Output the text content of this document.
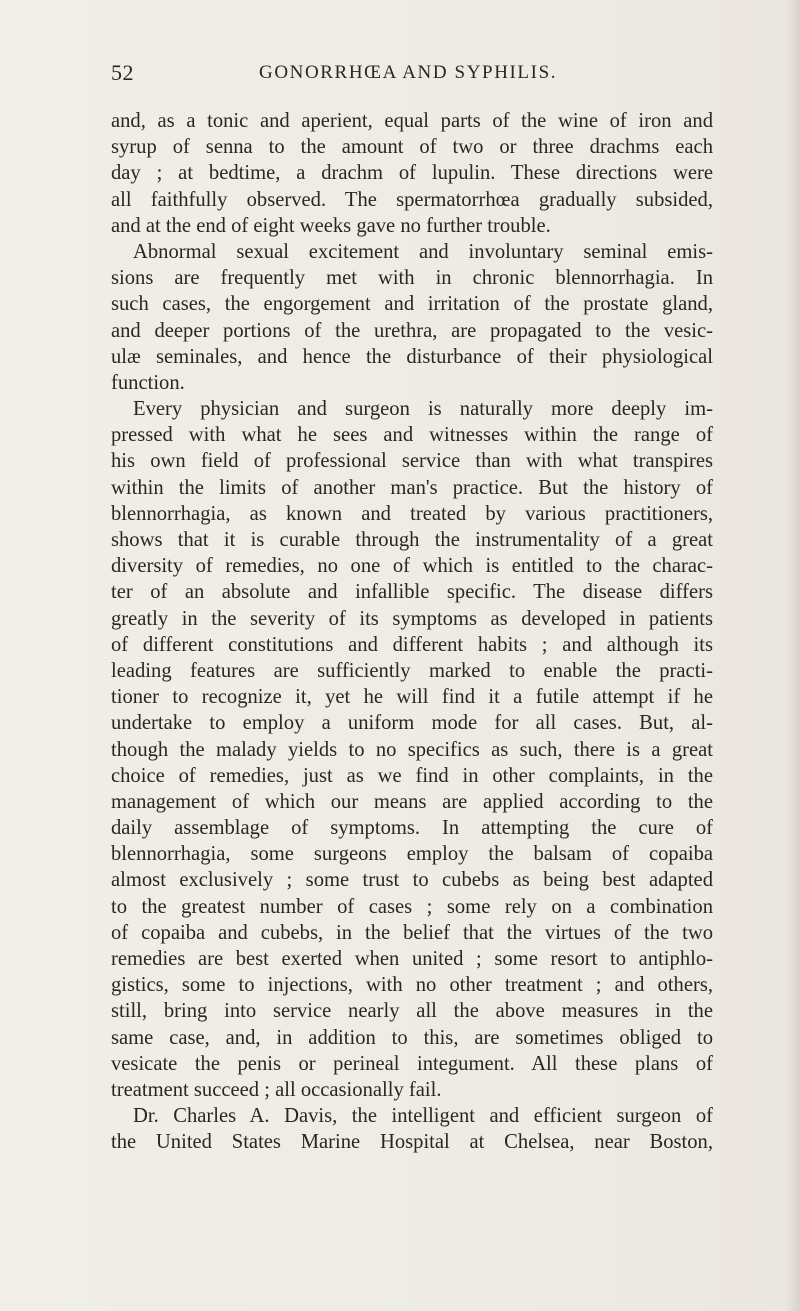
52	GONORRHŒA AND SYPHILIS.
and, as a tonic and aperient, equal parts of the wine of iron and
syrup of senna to the amount of two or three drachms each
day ; at bedtime, a drachm of lupulin. These directions were
all faithfully observed. The spermatorrhœa gradually subsided,
and at the end of eight weeks gave no further trouble.
Abnormal sexual excitement and involuntary seminal emis-
sions are frequently met with in chronic blennorrhagia. In
such cases, the engorgement and irritation of the prostate gland,
and deeper portions of the urethra, are propagated to the vesic-
ulæ seminales, and hence the disturbance of their physiological
function.
Every physician and surgeon is naturally more deeply im-
pressed with what he sees and witnesses within the range of
his own field of professional service than with what transpires
within the limits of another man's practice. But the history of
blennorrhagia, as known and treated by various practitioners,
shows that it is curable through the instrumentality of a great
diversity of remedies, no one of which is entitled to the charac-
ter of an absolute and infallible specific. The disease differs
greatly in the severity of its symptoms as developed in patients
of different constitutions and different habits ; and although its
leading features are sufficiently marked to enable the practi-
tioner to recognize it, yet he will find it a futile attempt if he
undertake to employ a uniform mode for all cases. But, al-
though the malady yields to no specifics as such, there is a great
choice of remedies, just as we find in other complaints, in the
management of which our means are applied according to the
daily assemblage of symptoms. In attempting the cure of
blennorrhagia, some surgeons employ the balsam of copaiba
almost exclusively ; some trust to cubebs as being best adapted
to the greatest number of cases ; some rely on a combination
of copaiba and cubebs, in the belief that the virtues of the two
remedies are best exerted when united ; some resort to antiphlo-
gistics, some to injections, with no other treatment ; and others,
still, bring into service nearly all the above measures in the
same case, and, in addition to this, are sometimes obliged to
vesicate the penis or perineal integument. All these plans of
treatment succeed ; all occasionally fail.
Dr. Charles A. Davis, the intelligent and efficient surgeon of
the United States Marine Hospital at Chelsea, near Boston,
